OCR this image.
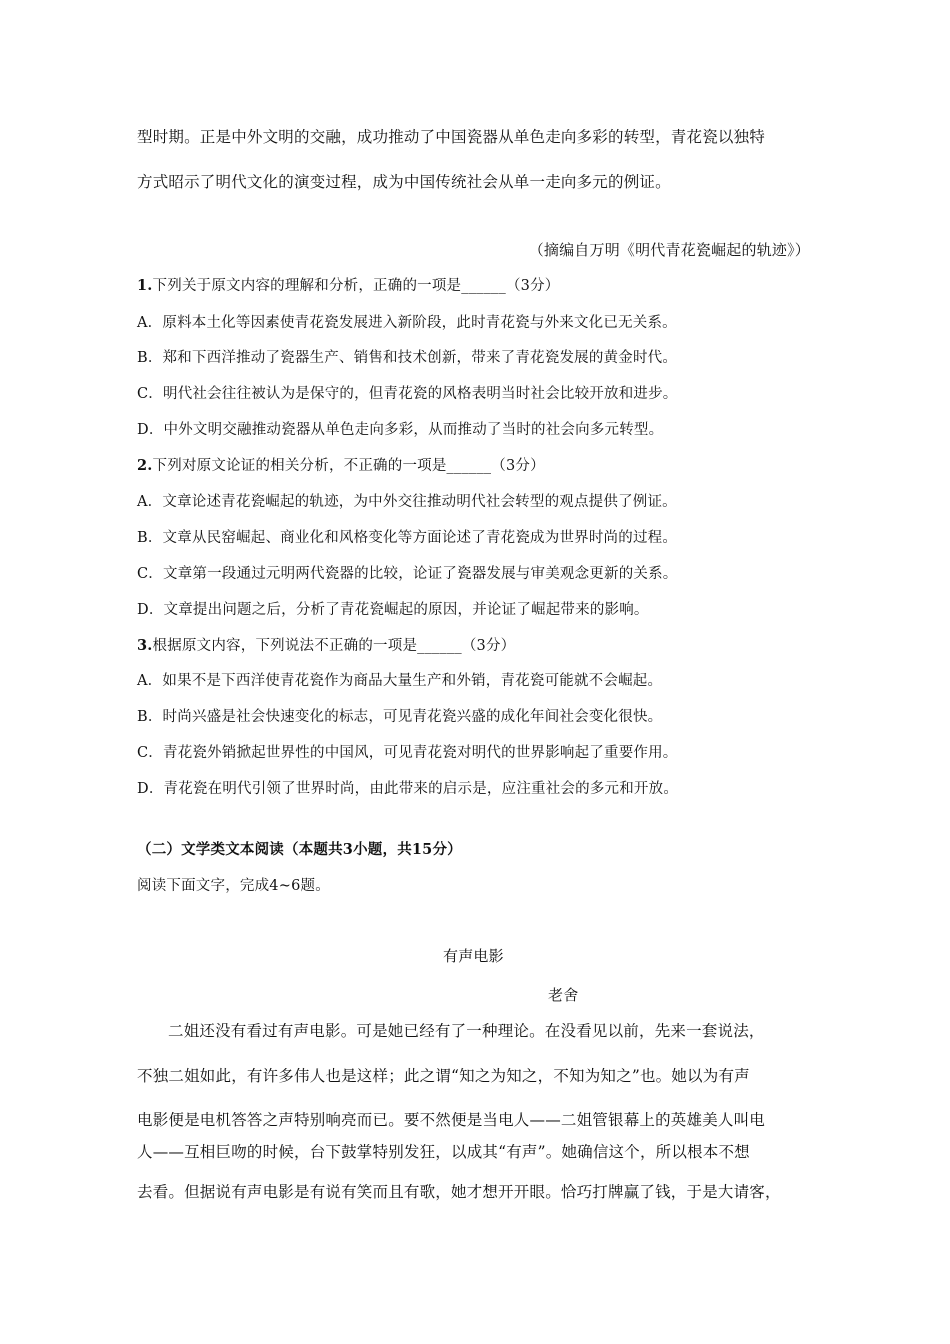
型时期。正是中外文明的交融，成功推动了中国瓷器从单色走向多彩的转型，青花瓷以独特
方式昭示了明代文化的演变过程，成为中国传统社会从单一走向多元的例证。
（摘编自万明《明代青花瓷崛起的轨迹》）
1.下列关于原文内容的理解和分析，正确的一项是______（3分）
A．原料本土化等因素使青花瓷发展进入新阶段，此时青花瓷与外来文化已无关系。
B．郑和下西洋推动了瓷器生产、销售和技术创新，带来了青花瓷发展的黄金时代。
C．明代社会往往被认为是保守的，但青花瓷的风格表明当时社会比较开放和进步。
D．中外文明交融推动瓷器从单色走向多彩，从而推动了当时的社会向多元转型。
2.下列对原文论证的相关分析，不正确的一项是______（3分）
A．文章论述青花瓷崛起的轨迹，为中外交往推动明代社会转型的观点提供了例证。
B．文章从民窑崛起、商业化和风格变化等方面论述了青花瓷成为世界时尚的过程。
C．文章第一段通过元明两代瓷器的比较，论证了瓷器发展与审美观念更新的关系。
D．文章提出问题之后，分析了青花瓷崛起的原因，并论证了崛起带来的影响。
3.根据原文内容，下列说法不正确的一项是______（3分）
A．如果不是下西洋使青花瓷作为商品大量生产和外销，青花瓷可能就不会崛起。
B．时尚兴盛是社会快速变化的标志，可见青花瓷兴盛的成化年间社会变化很快。
C．青花瓷外销掀起世界性的中国风，可见青花瓷对明代的世界影响起了重要作用。
D．青花瓷在明代引领了世界时尚，由此带来的启示是，应注重社会的多元和开放。
（二）文学类文本阅读（本题共3小题，共15分）
阅读下面文字，完成4~6题。
有声电影
老舍
二姐还没有看过有声电影。可是她已经有了一种理论。在没看见以前，先来一套说法，
不独二姐如此，有许多伟人也是这样；此之谓“知之为知之，不知为知之”也。她以为有声
电影便是电机答答之声特别响亮而已。要不然便是当电人——二姐管银幕上的英雄美人叫电
人——互相巨吻的时候，台下鼓掌特别发狂，以成其“有声”。她确信这个，所以根本不想
去看。但据说有声电影是有说有笑而且有歌，她才想开开眼。恰巧打牌赢了钱，于是大请客，
